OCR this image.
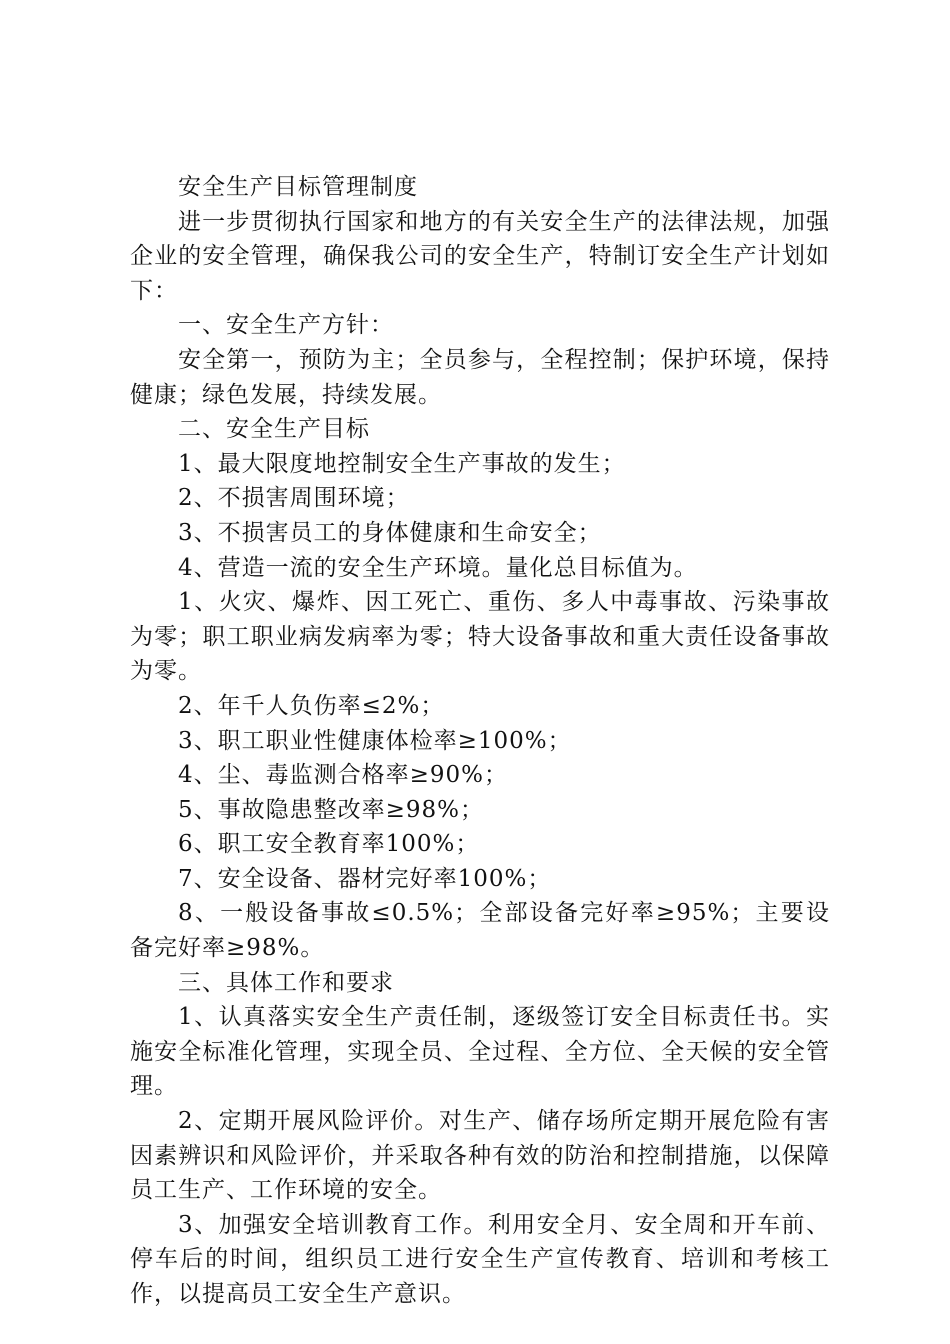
安全生产目标管理制度

进一步贯彻执行国家和地方的有关安全生产的法律法规，加强企业的安全管理，确保我公司的安全生产，特制订安全生产计划如下：

一、安全生产方针：

安全第一，预防为主；全员参与，全程控制；保护环境，保持健康；绿色发展，持续发展。

二、安全生产目标

1、最大限度地控制安全生产事故的发生；

2、不损害周围环境；

3、不损害员工的身体健康和生命安全；

4、营造一流的安全生产环境。量化总目标值为。

1、火灾、爆炸、因工死亡、重伤、多人中毒事故、污染事故为零；职工职业病发病率为零；特大设备事故和重大责任设备事故为零。

2、年千人负伤率≤2%；

3、职工职业性健康体检率≥100%；

4、尘、毒监测合格率≥90%；

5、事故隐患整改率≥98%；

6、职工安全教育率100%；

7、安全设备、器材完好率100%；

8、一般设备事故≤0.5%；全部设备完好率≥95%；主要设备完好率≥98%。

三、具体工作和要求

1、认真落实安全生产责任制，逐级签订安全目标责任书。实施安全标准化管理，实现全员、全过程、全方位、全天候的安全管理。

2、定期开展风险评价。对生产、储存场所定期开展危险有害因素辨识和风险评价，并采取各种有效的防治和控制措施，以保障员工生产、工作环境的安全。

3、加强安全培训教育工作。利用安全月、安全周和开车前、停车后的时间，组织员工进行安全生产宣传教育、培训和考核工作，以提高员工安全生产意识。
